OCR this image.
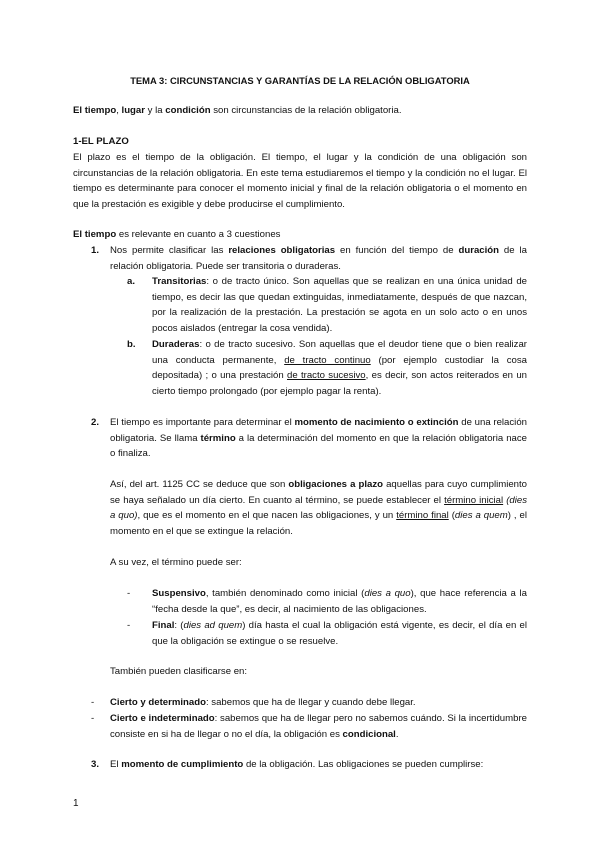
TEMA 3: CIRCUNSTANCIAS Y GARANTÍAS DE LA RELACIÓN OBLIGATORIA

El tiempo, lugar y la condición son circunstancias de la relación obligatoria.

1-EL PLAZO

El plazo es el tiempo de la obligación. El tiempo, el lugar y la condición de una obligación son circunstancias de la relación obligatoria. En este tema estudiaremos el tiempo y la condición no el lugar. El tiempo es determinante para conocer el momento inicial y final de la relación obligatoria o el momento en que la prestación es exigible y debe producirse el cumplimiento.

El tiempo es relevante en cuanto a 3 cuestiones

1. Nos permite clasificar las relaciones obligatorias en función del tiempo de duración de la relación obligatoria. Puede ser transitoria o duraderas.

a. Transitorias: o de tracto único. Son aquellas que se realizan en una única unidad de tiempo, es decir las que quedan extinguidas, inmediatamente, después de que nazcan, por la realización de la prestación. La prestación se agota en un solo acto o en unos pocos aislados (entregar la cosa vendida).

b. Duraderas: o de tracto sucesivo. Son aquellas que el deudor tiene que o bien realizar una conducta permanente, de tracto continuo (por ejemplo custodiar la cosa depositada) ; o una prestación de tracto sucesivo, es decir, son actos reiterados en un cierto tiempo prolongado (por ejemplo pagar la renta).

2. El tiempo es importante para determinar el momento de nacimiento o extinción de una relación obligatoria. Se llama término a la determinación del momento en que la relación obligatoria nace o finaliza.

Así, del art. 1125 CC se deduce que son obligaciones a plazo aquellas para cuyo cumplimiento se haya señalado un día cierto. En cuanto al término, se puede establecer el término inicial (dies a quo), que es el momento en el que nacen las obligaciones, y un término final (dies a quem) , el momento en el que se extingue la relación.

A su vez, el término puede ser:

- Suspensivo, también denominado como inicial (dies a quo), que hace referencia a la “fecha desde la que”, es decir, al nacimiento de las obligaciones.

- Final: (dies ad quem) día hasta el cual la obligación está vigente, es decir, el día en el que la obligación se extingue o se resuelve.

También pueden clasificarse en:

- Cierto y determinado: sabemos que ha de llegar y cuando debe llegar.

- Cierto e indeterminado: sabemos que ha de llegar pero no sabemos cuándo. Si la incertidumbre consiste en si ha de llegar o no el día, la obligación es condicional.

3. El momento de cumplimiento de la obligación. Las obligaciones se pueden cumplirse:

1
